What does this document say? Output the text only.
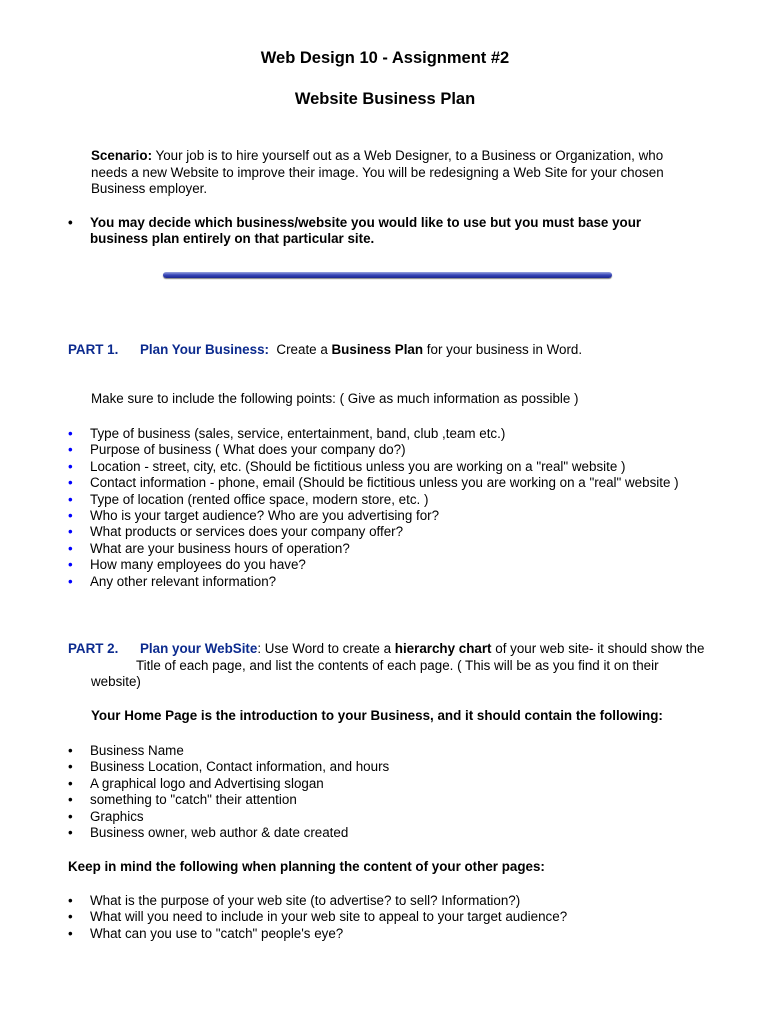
Web Design 10 - Assignment #2
Website Business Plan

Scenario: Your job is to hire yourself out as a Web Designer, to a Business or Organization, who needs a new Website to improve their image. You will be redesigning a Web Site for your chosen Business employer.

•
You may decide which business/website you would like to use but you must base your business plan entirely on that particular site.

PART 1. Plan Your Business:  Create a Business Plan for your business in Word.

Make sure to include the following points: ( Give as much information as possible )

•
Type of business (sales, service, entertainment, band, club ,team etc.)
•
Purpose of business ( What does your company do?)
•
Location - street, city, etc. (Should be fictitious unless you are working on a "real" website )
•
Contact information - phone, email (Should be fictitious unless you are working on a "real" website )
•
Type of location (rented office space, modern store, etc. )
•
Who is your target audience? Who are you advertising for?
•
What products or services does your company offer?
•
What are your business hours of operation?
•
How many employees do you have?
•
Any other relevant information?

PART 2. Plan your WebSite: Use Word to create a hierarchy chart of your web site- it should show the

Title of each page, and list the contents of each page. ( This will be as you find it on their

website)

Your Home Page is the introduction to your Business, and it should contain the following:

•
Business Name
•
Business Location, Contact information, and hours
•
A graphical logo and Advertising slogan
•
something to "catch" their attention
•
Graphics
•
Business owner, web author & date created

Keep in mind the following when planning the content of your other pages:

•
What is the purpose of your web site (to advertise? to sell? Information?)
•
What will you need to include in your web site to appeal to your target audience?
•
What can you use to "catch" people's eye?
